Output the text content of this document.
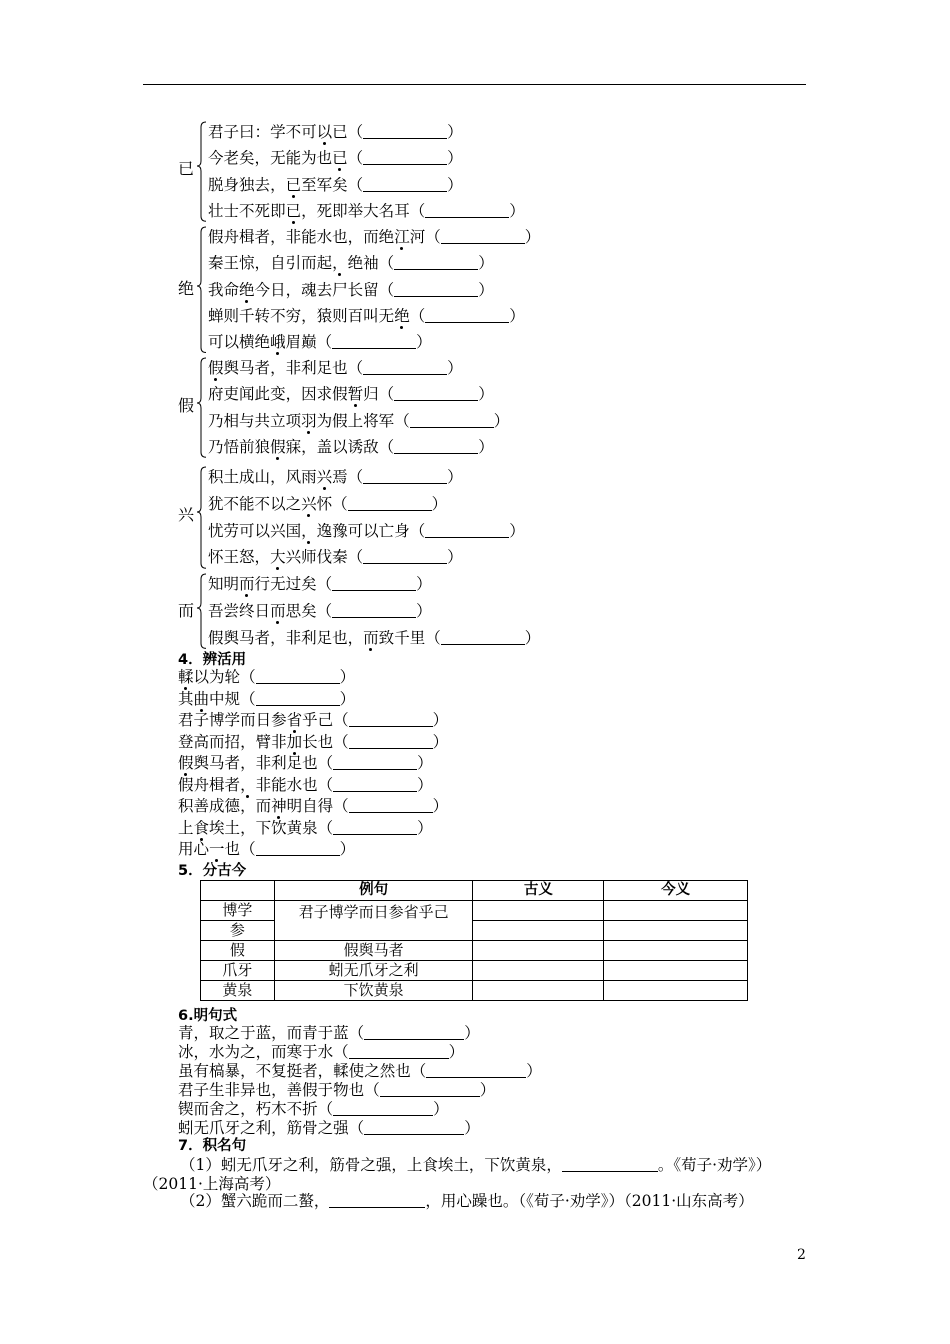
已
君子曰：学不可以已（	）
今老矣，无能为也已（	）
脱身独去，已至军矣（	）
壮士不死即已，死即举大名耳（	）
绝
假舟楫者，非能水也，而绝江河（	）
秦王惊，自引而起，绝袖（	）
我命绝今日，魂去尸长留（	）
蝉则千转不穷，猿则百叫无绝（	）
可以横绝峨眉巅（	）
假
假舆马者，非利足也（	）
府吏闻此变，因求假暂归（	）
乃相与共立项羽为假上将军（	）
乃悟前狼假寐，盖以诱敌（	）
兴
积土成山，风雨兴焉（	）
犹不能不以之兴怀（	）
忧劳可以兴国，逸豫可以亡身（	）
怀王怒，大兴师伐秦（	）
而
知明而行无过矣（	）
吾尝终日而思矣（	）
假舆马者，非利足也，而致千里（	）
4．辨活用
輮以为轮（	）
其曲中规（	）
君子博学而日参省乎己（	）
登高而招，臂非加长也（	）
假舆马者，非利足也（	）
假舟楫者，非能水也（	）
积善成德，而神明自得（	）
上食埃土，下饮黄泉（	）
用心一也（	）
5．分古今
	例句	古义	今义
博学	君子博学而日参省乎己		
参			
假	假舆马者		
爪牙	蚓无爪牙之利		
黄泉	下饮黄泉		
6.明句式
青，取之于蓝，而青于蓝（	）
冰，水为之，而寒于水（	）
虽有槁暴，不复挺者，輮使之然也（	）
君子生非异也，善假于物也（	）
锲而舍之，朽木不折（	）
蚓无爪牙之利，筋骨之强（	）
7．积名句
（1）蚓无爪牙之利，筋骨之强，上食埃土，下饮黄泉，	。《荀子·劝学》）
（2011·上海高考）
（2）蟹六跪而二螯，	，用心躁也。（《荀子·劝学》）（2011·山东高考）
2
